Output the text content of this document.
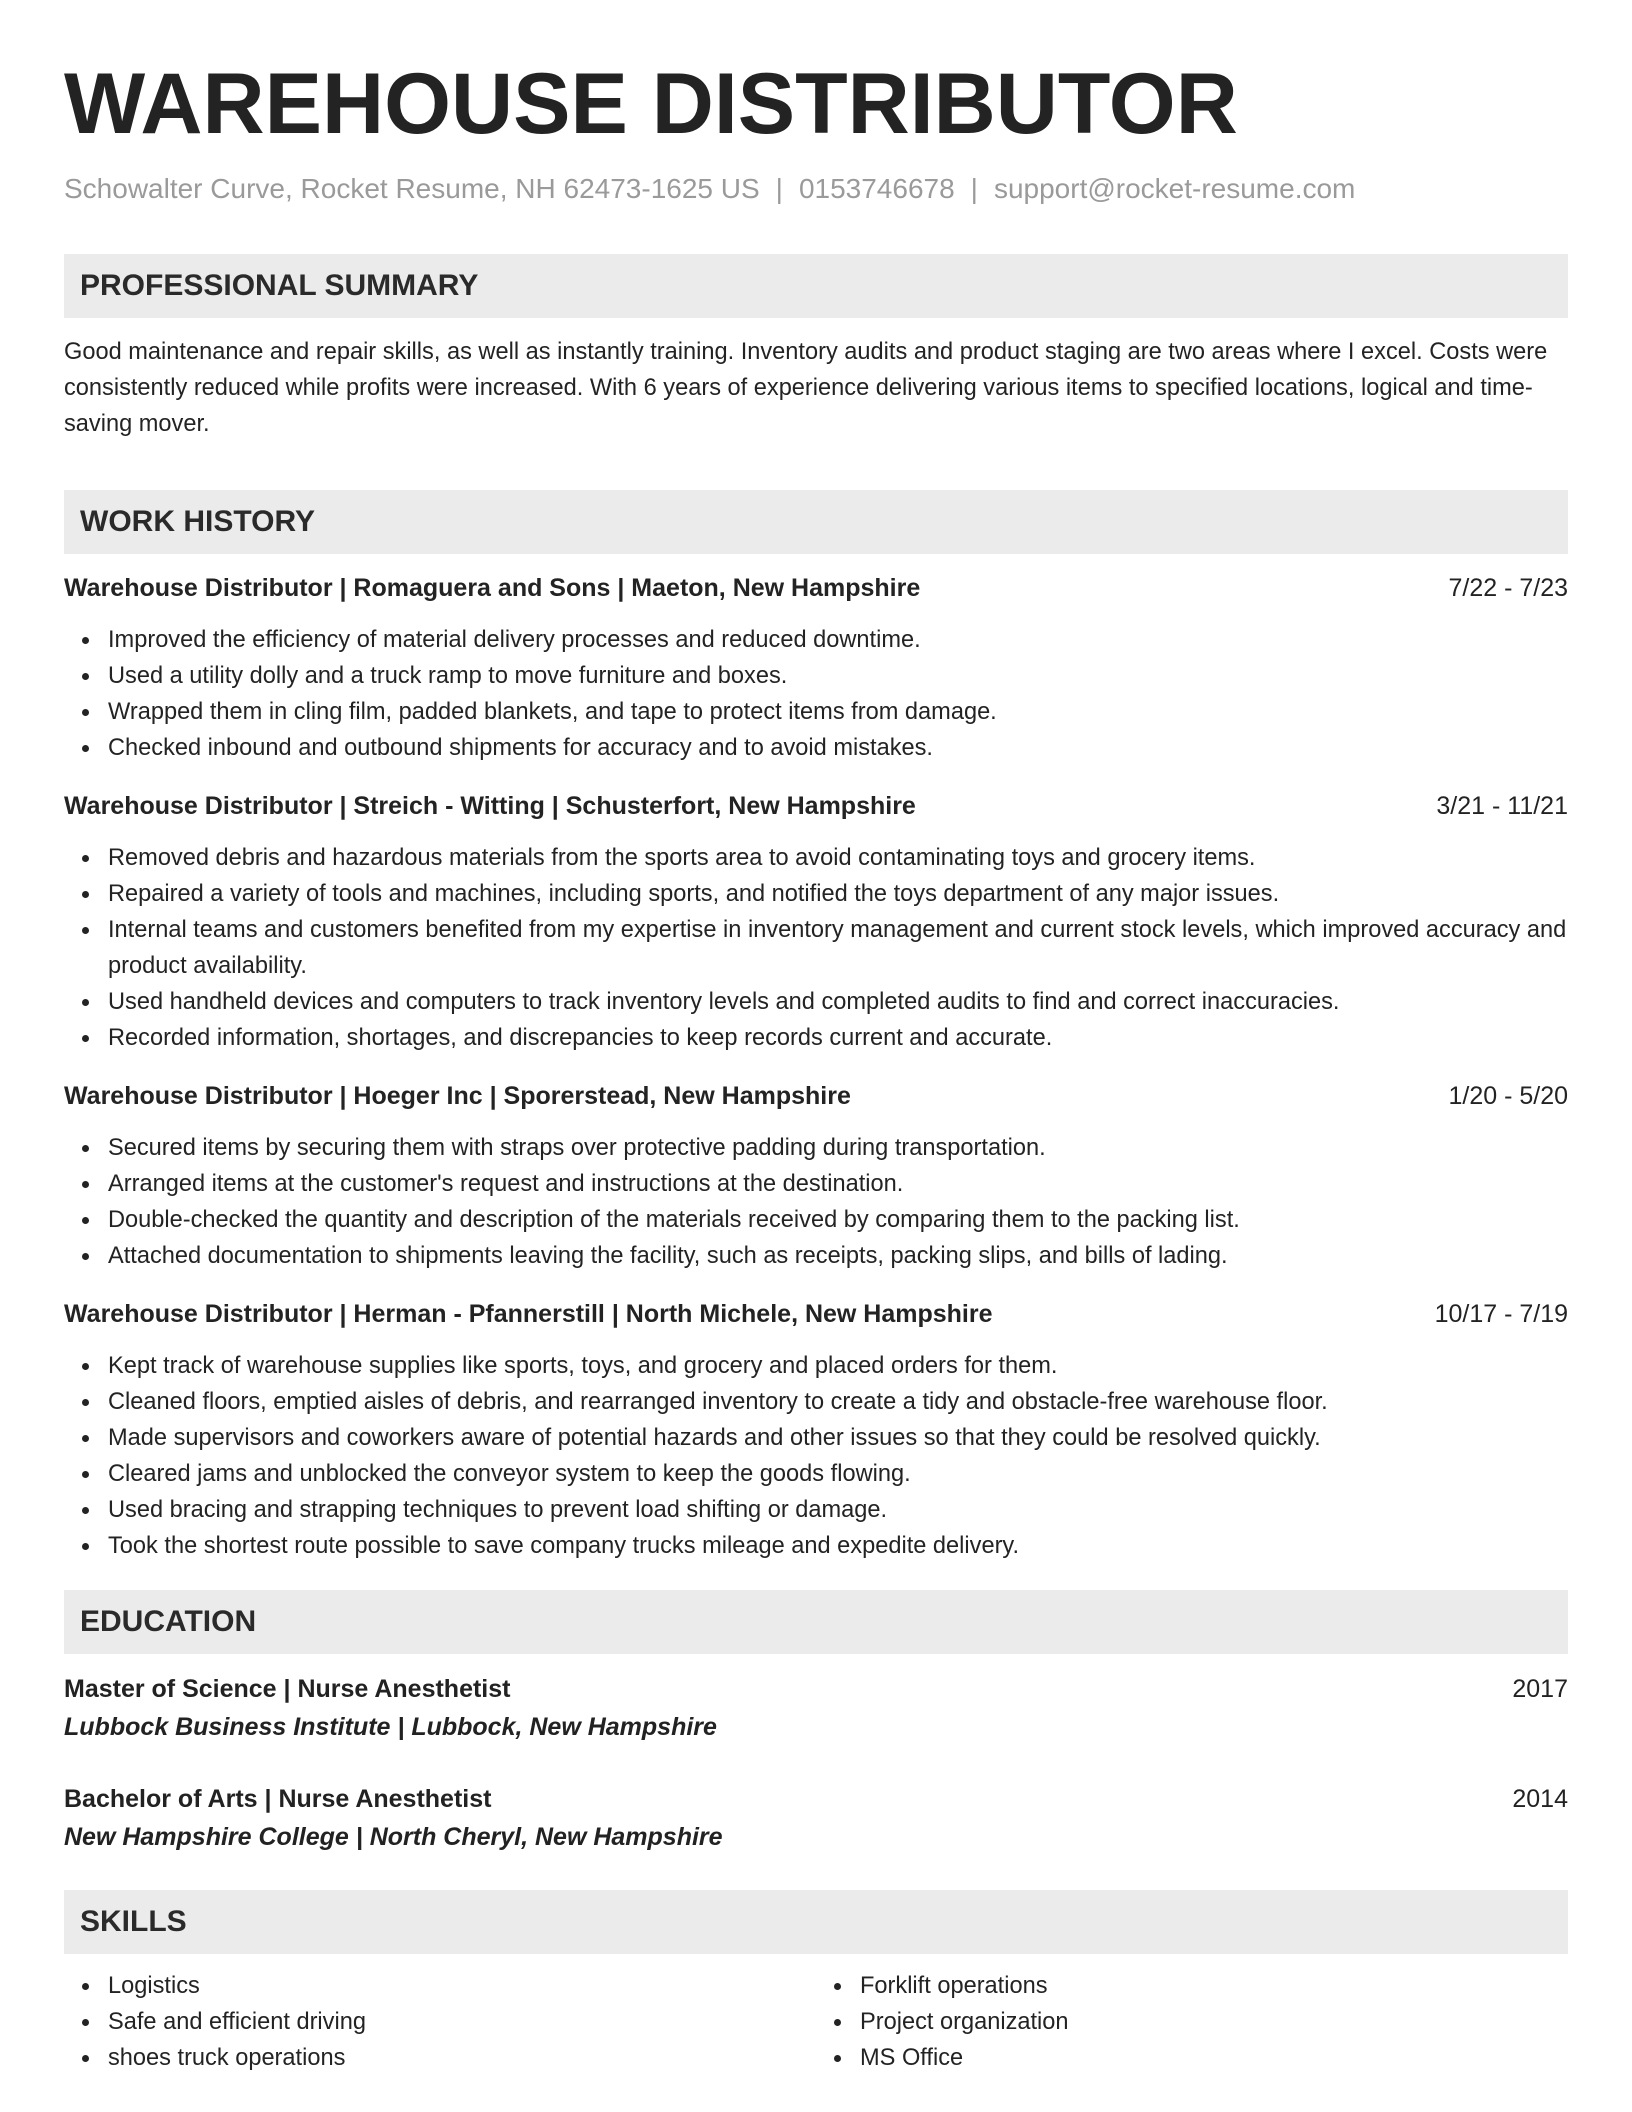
WAREHOUSE DISTRIBUTOR
Schowalter Curve, Rocket Resume, NH 62473-1625 US | 0153746678 | support@rocket-resume.com
PROFESSIONAL SUMMARY
Good maintenance and repair skills, as well as instantly training. Inventory audits and product staging are two areas where I excel. Costs were consistently reduced while profits were increased. With 6 years of experience delivering various items to specified locations, logical and time-saving mover.
WORK HISTORY
Warehouse Distributor | Romaguera and Sons | Maeton, New Hampshire	7/22 - 7/23
Improved the efficiency of material delivery processes and reduced downtime.
Used a utility dolly and a truck ramp to move furniture and boxes.
Wrapped them in cling film, padded blankets, and tape to protect items from damage.
Checked inbound and outbound shipments for accuracy and to avoid mistakes.
Warehouse Distributor | Streich - Witting | Schusterfort, New Hampshire	3/21 - 11/21
Removed debris and hazardous materials from the sports area to avoid contaminating toys and grocery items.
Repaired a variety of tools and machines, including sports, and notified the toys department of any major issues.
Internal teams and customers benefited from my expertise in inventory management and current stock levels, which improved accuracy and product availability.
Used handheld devices and computers to track inventory levels and completed audits to find and correct inaccuracies.
Recorded information, shortages, and discrepancies to keep records current and accurate.
Warehouse Distributor | Hoeger Inc | Sporerstead, New Hampshire	1/20 - 5/20
Secured items by securing them with straps over protective padding during transportation.
Arranged items at the customer's request and instructions at the destination.
Double-checked the quantity and description of the materials received by comparing them to the packing list.
Attached documentation to shipments leaving the facility, such as receipts, packing slips, and bills of lading.
Warehouse Distributor | Herman - Pfannerstill | North Michele, New Hampshire	10/17 - 7/19
Kept track of warehouse supplies like sports, toys, and grocery and placed orders for them.
Cleaned floors, emptied aisles of debris, and rearranged inventory to create a tidy and obstacle-free warehouse floor.
Made supervisors and coworkers aware of potential hazards and other issues so that they could be resolved quickly.
Cleared jams and unblocked the conveyor system to keep the goods flowing.
Used bracing and strapping techniques to prevent load shifting or damage.
Took the shortest route possible to save company trucks mileage and expedite delivery.
EDUCATION
Master of Science | Nurse Anesthetist	2017
Lubbock Business Institute | Lubbock, New Hampshire
Bachelor of Arts | Nurse Anesthetist	2014
New Hampshire College | North Cheryl, New Hampshire
SKILLS
Logistics
Safe and efficient driving
shoes truck operations
Forklift operations
Project organization
MS Office
